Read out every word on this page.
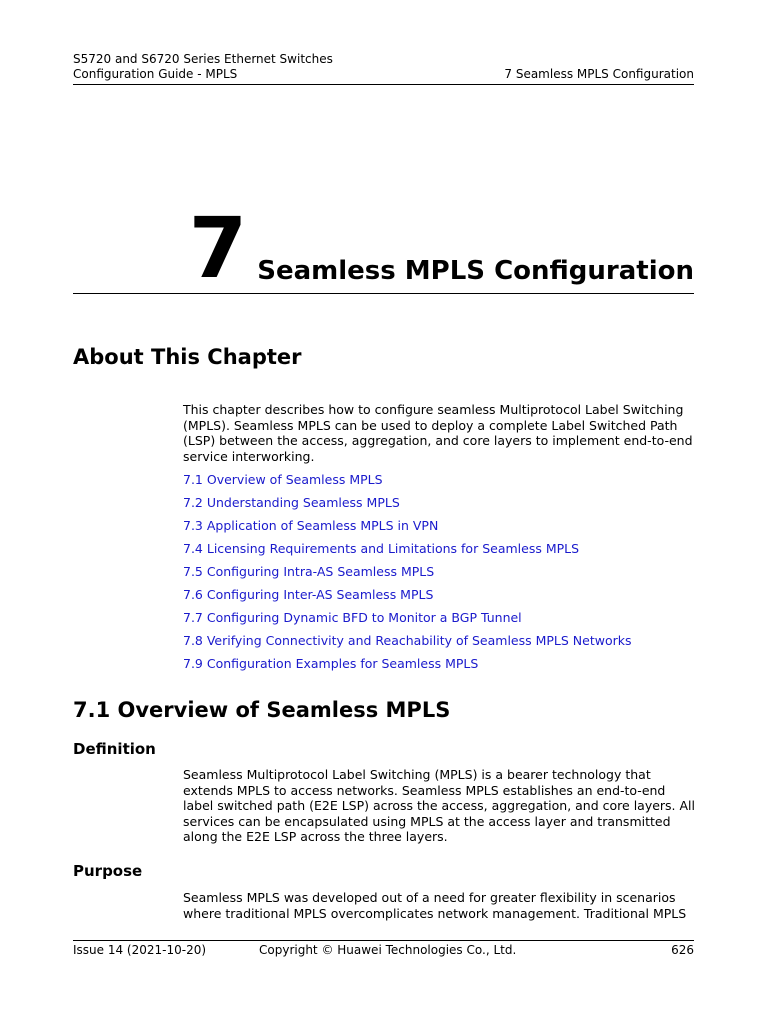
S5720 and S6720 Series Ethernet Switches
Configuration Guide - MPLS	7 Seamless MPLS Configuration
7 Seamless MPLS Configuration
About This Chapter

This chapter describes how to configure seamless Multiprotocol Label Switching (MPLS). Seamless MPLS can be used to deploy a complete Label Switched Path (LSP) between the access, aggregation, and core layers to implement end-to-end service interworking.

7.1 Overview of Seamless MPLS
7.2 Understanding Seamless MPLS
7.3 Application of Seamless MPLS in VPN
7.4 Licensing Requirements and Limitations for Seamless MPLS
7.5 Configuring Intra-AS Seamless MPLS
7.6 Configuring Inter-AS Seamless MPLS
7.7 Configuring Dynamic BFD to Monitor a BGP Tunnel
7.8 Verifying Connectivity and Reachability of Seamless MPLS Networks
7.9 Configuration Examples for Seamless MPLS
7.1 Overview of Seamless MPLS
Definition

Seamless Multiprotocol Label Switching (MPLS) is a bearer technology that extends MPLS to access networks. Seamless MPLS establishes an end-to-end label switched path (E2E LSP) across the access, aggregation, and core layers. All services can be encapsulated using MPLS at the access layer and transmitted along the E2E LSP across the three layers.

Purpose

Seamless MPLS was developed out of a need for greater flexibility in scenarios where traditional MPLS overcomplicates network management. Traditional MPLS

Issue 14 (2021-10-20)	Copyright © Huawei Technologies Co., Ltd.	626
